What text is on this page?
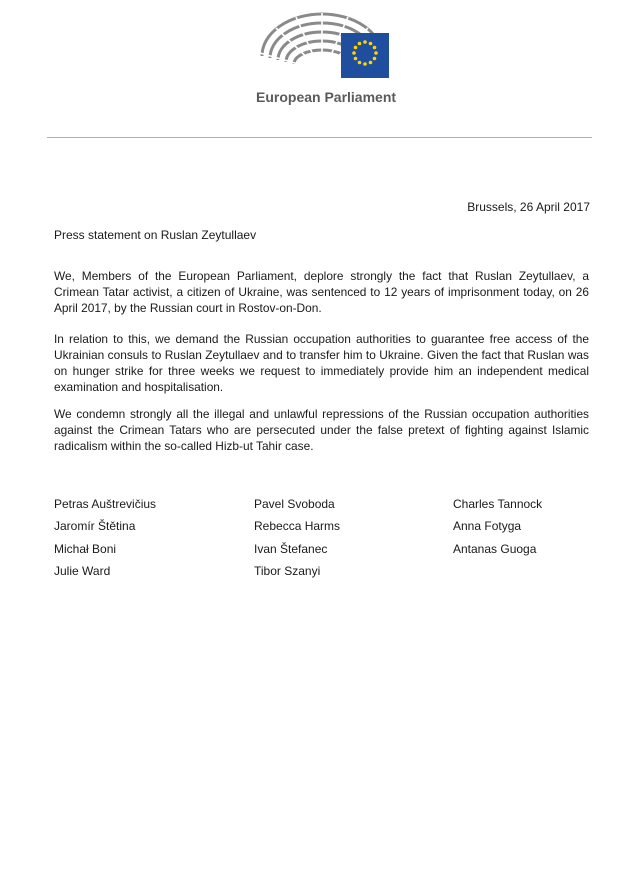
European Parliament
Brussels, 26 April 2017
Press statement on Ruslan Zeytullaev

We, Members of the European Parliament, deplore strongly the fact that Ruslan Zeytullaev, a Crimean Tatar activist, a citizen of Ukraine, was sentenced to 12 years of imprisonment today, on 26 April 2017, by the Russian court in Rostov-on-Don.

In relation to this, we demand the Russian occupation authorities to guarantee free access of the Ukrainian consuls to Ruslan Zeytullaev and to transfer him to Ukraine. Given the fact that Ruslan was on hunger strike for three weeks we request to immediately provide him an independent medical examination and hospitalisation.

We condemn strongly all the illegal and unlawful repressions of the Russian occupation authorities against the Crimean Tatars who are persecuted under the false pretext of fighting against Islamic radicalism within the so-called Hizb-ut Tahir case.

Petras Auštrevičius
Jaromír Štětina
Michał Boni
Julie Ward
Pavel Svoboda
Rebecca Harms
Ivan Štefanec
Tibor Szanyi
Charles Tannock
Anna Fotyga
Antanas Guoga
